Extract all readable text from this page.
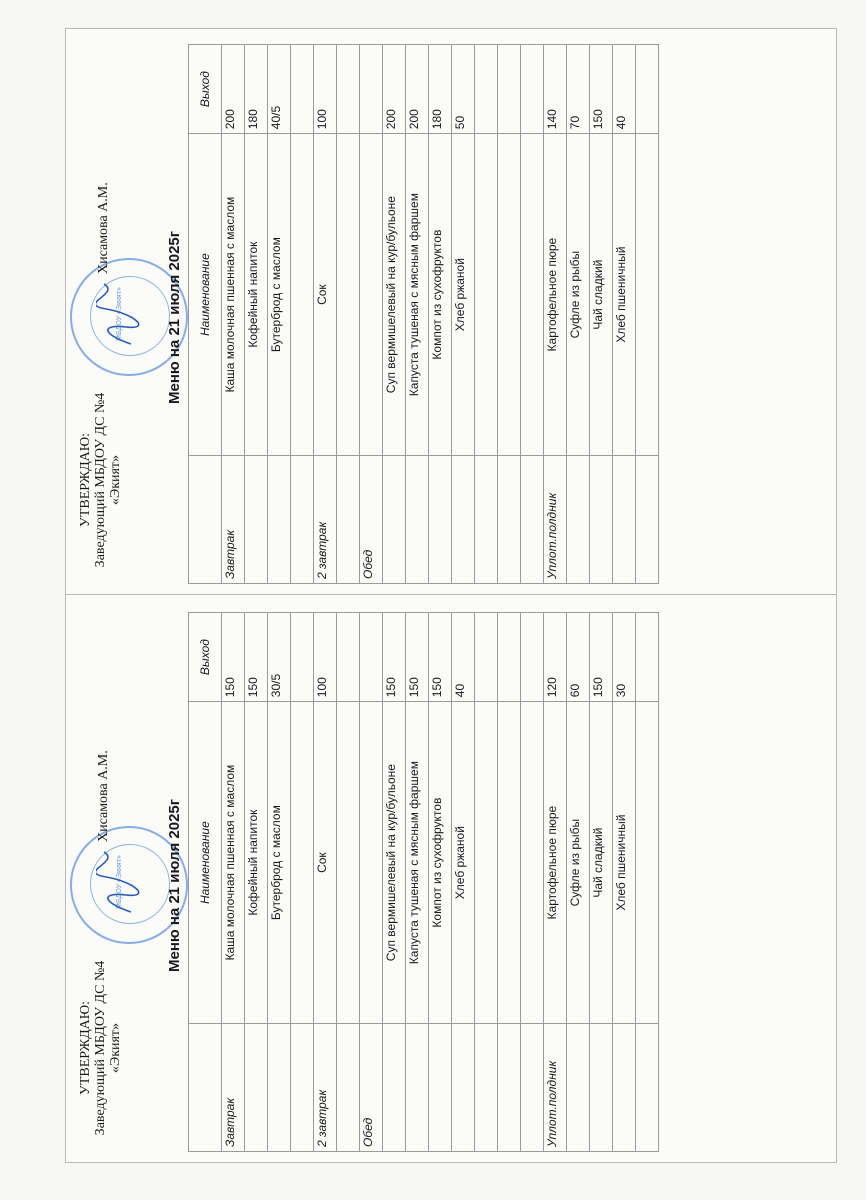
УТВЕРЖДАЮ: Заведующий МБДОУ ДС №4 «Экият»
МБДОУ «Экият»
Хисамова А.М.
Меню на 21 июля 2025г
	Наименование	Выход
Завтрак	Каша молочная пшенная с маслом	150
	Кофейный напиток	150
	Бутерброд с маслом	30/5

2 завтрак	Сок	100

Обед		
	Суп вермишелевый на кур/бульоне	150
	Капуста тушеная с мясным фаршем	150
	Компот из сухофруктов	150
	Хлеб ржаной	40

Уплот.полдник	Картофельное пюре	120
	Суфле из рыбы	60
	Чай сладкий	150
	Хлеб пшеничный	30

УТВЕРЖДАЮ: Заведующий МБДОУ ДС №4 «Экият»
МБДОУ «Экият»
Хисамова А.М.
Меню на 21 июля 2025г
	Наименование	Выход
Завтрак	Каша молочная пшенная с маслом	200
	Кофейный напиток	180
	Бутерброд с маслом	40/5

2 завтрак	Сок	100

Обед		
	Суп вермишелевый на кур/бульоне	200
	Капуста тушеная с мясным фаршем	200
	Компот из сухофруктов	180
	Хлеб ржаной	50

Уплот.полдник	Картофельное пюре	140
	Суфле из рыбы	70
	Чай сладкий	150
	Хлеб пшеничный	40
